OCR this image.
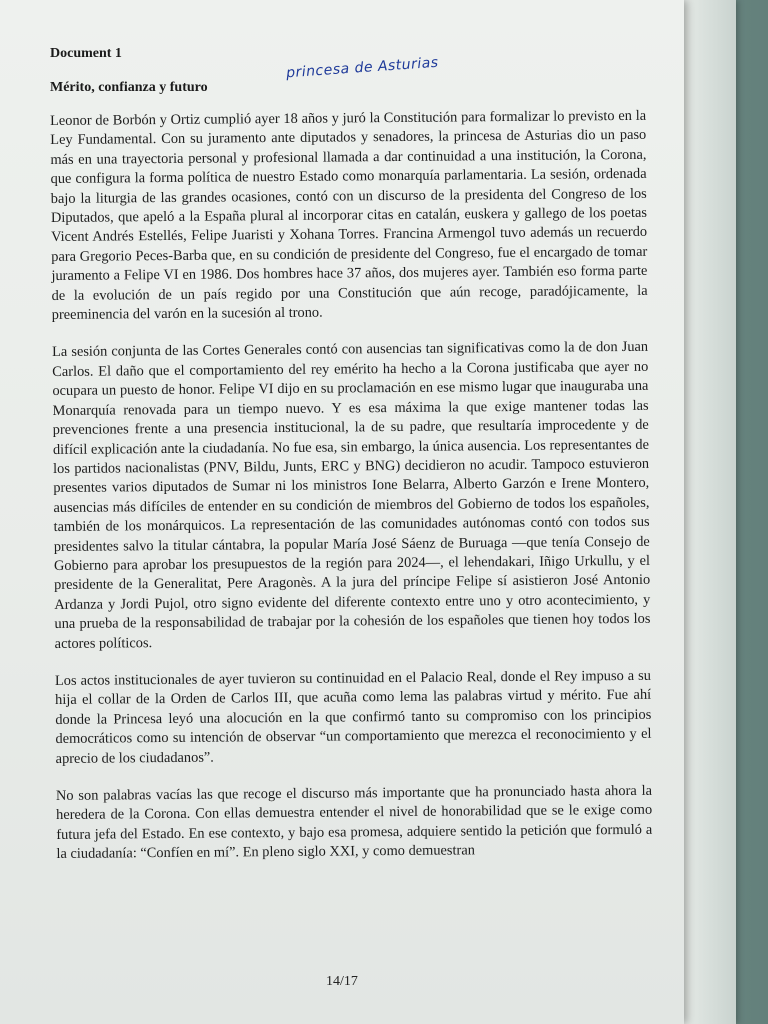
Document 1
Mérito, confianza y futuro
princesa de Asturias

Leonor de Borbón y Ortiz cumplió ayer 18 años y juró la Constitución para formalizar lo previsto en la Ley Fundamental. Con su juramento ante diputados y senadores, la princesa de Asturias dio un paso más en una trayectoria personal y profesional llamada a dar continuidad a una institución, la Corona, que configura la forma política de nuestro Estado como monarquía parlamentaria. La sesión, ordenada bajo la liturgia de las grandes ocasiones, contó con un discurso de la presidenta del Congreso de los Diputados, que apeló a la España plural al incorporar citas en catalán, euskera y gallego de los poetas Vicent Andrés Estellés, Felipe Juaristi y Xohana Torres. Francina Armengol tuvo además un recuerdo para Gregorio Peces-Barba que, en su condición de presidente del Congreso, fue el encargado de tomar juramento a Felipe VI en 1986. Dos hombres hace 37 años, dos mujeres ayer. También eso forma parte de la evolución de un país regido por una Constitución que aún recoge, paradójicamente, la preeminencia del varón en la sucesión al trono.

La sesión conjunta de las Cortes Generales contó con ausencias tan significativas como la de don Juan Carlos. El daño que el comportamiento del rey emérito ha hecho a la Corona justificaba que ayer no ocupara un puesto de honor. Felipe VI dijo en su proclamación en ese mismo lugar que inauguraba una Monarquía renovada para un tiempo nuevo. Y es esa máxima la que exige mantener todas las prevenciones frente a una presencia institucional, la de su padre, que resultaría improcedente y de difícil explicación ante la ciudadanía. No fue esa, sin embargo, la única ausencia. Los representantes de los partidos nacionalistas (PNV, Bildu, Junts, ERC y BNG) decidieron no acudir. Tampoco estuvieron presentes varios diputados de Sumar ni los ministros Ione Belarra, Alberto Garzón e Irene Montero, ausencias más difíciles de entender en su condición de miembros del Gobierno de todos los españoles, también de los monárquicos. La representación de las comunidades autónomas contó con todos sus presidentes salvo la titular cántabra, la popular María José Sáenz de Buruaga —que tenía Consejo de Gobierno para aprobar los presupuestos de la región para 2024—, el lehendakari, Iñigo Urkullu, y el presidente de la Generalitat, Pere Aragonès. A la jura del príncipe Felipe sí asistieron José Antonio Ardanza y Jordi Pujol, otro signo evidente del diferente contexto entre uno y otro acontecimiento, y una prueba de la responsabilidad de trabajar por la cohesión de los españoles que tienen hoy todos los actores políticos.

Los actos institucionales de ayer tuvieron su continuidad en el Palacio Real, donde el Rey impuso a su hija el collar de la Orden de Carlos III, que acuña como lema las palabras virtud y mérito. Fue ahí donde la Princesa leyó una alocución en la que confirmó tanto su compromiso con los principios democráticos como su intención de observar “un comportamiento que merezca el reconocimiento y el aprecio de los ciudadanos”.

No son palabras vacías las que recoge el discurso más importante que ha pronunciado hasta ahora la heredera de la Corona. Con ellas demuestra entender el nivel de honorabilidad que se le exige como futura jefa del Estado. En ese contexto, y bajo esa promesa, adquiere sentido la petición que formuló a la ciudadanía: “Confíen en mí”. En pleno siglo XXI, y como demuestran

14/17
